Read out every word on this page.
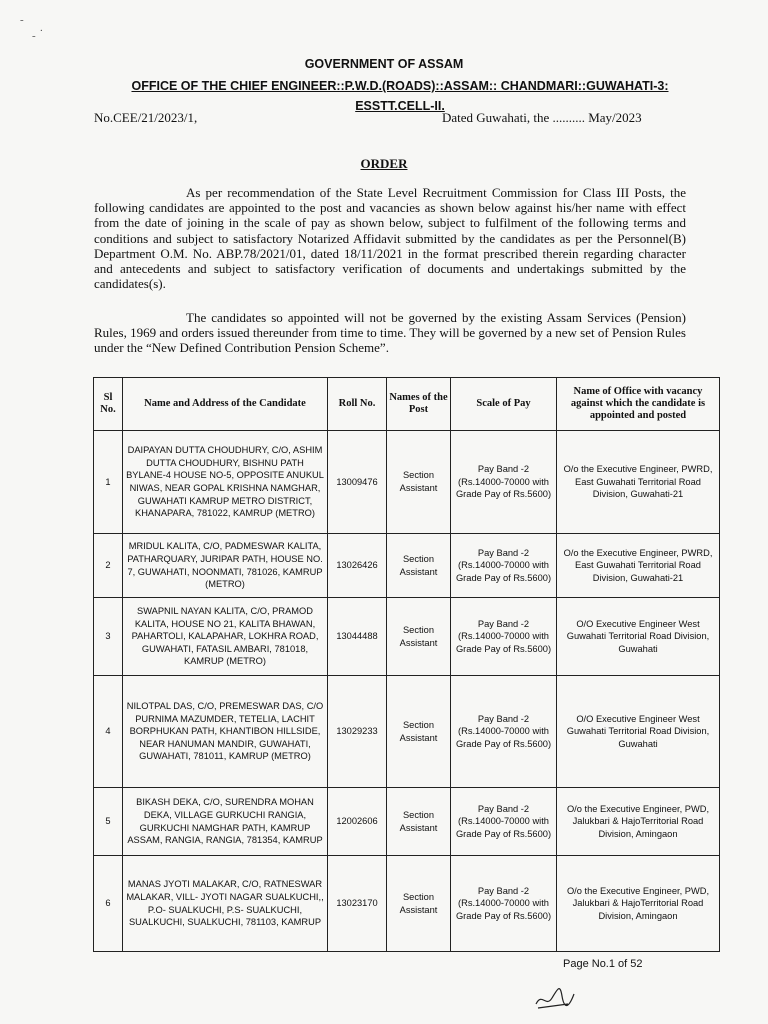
-
.
-
GOVERNMENT OF ASSAM
OFFICE OF THE CHIEF ENGINEER::P.W.D.(ROADS)::ASSAM:: CHANDMARI::GUWAHATI-3:
ESSTT.CELL-II.
No.CEE/21/2023/1,	Dated Guwahati, the .......... May/2023
ORDER
As per recommendation of the State Level Recruitment Commission for Class III Posts, the following candidates are appointed to the post and vacancies as shown below against his/her name with effect from the date of joining in the scale of pay as shown below, subject to fulfilment of the following terms and conditions and subject to satisfactory Notarized Affidavit submitted by the candidates as per the Personnel(B) Department O.M. No. ABP.78/2021/01, dated 18/11/2021 in the format prescribed therein regarding character and antecedents and subject to satisfactory verification of documents and undertakings submitted by the candidates(s).
The candidates so appointed will not be governed by the existing Assam Services (Pension) Rules, 1969 and orders issued thereunder from time to time. They will be governed by a new set of Pension Rules under the “New Defined Contribution Pension Scheme”.
Sl No.	Name and Address of the Candidate	Roll No.	Names of the Post	Scale of Pay	Name of Office with vacancy against which the candidate is appointed and posted
1	DAIPAYAN DUTTA CHOUDHURY, C/O, ASHIM DUTTA CHOUDHURY, BISHNU PATH BYLANE-4 HOUSE NO-5, OPPOSITE ANUKUL NIWAS, NEAR GOPAL KRISHNA NAMGHAR, GUWAHATI KAMRUP METRO DISTRICT, KHANAPARA, 781022, KAMRUP (METRO)	13009476	Section Assistant	Pay Band -2 (Rs.14000-70000 with Grade Pay of Rs.5600)	O/o the Executive Engineer, PWRD, East Guwahati Territorial Road Division, Guwahati-21
2	MRIDUL KALITA, C/O, PADMESWAR KALITA, PATHARQUARY, JURIPAR PATH, HOUSE NO. 7, GUWAHATI, NOONMATI, 781026, KAMRUP (METRO)	13026426	Section Assistant	Pay Band -2 (Rs.14000-70000 with Grade Pay of Rs.5600)	O/o the Executive Engineer, PWRD, East Guwahati Territorial Road Division, Guwahati-21
3	SWAPNIL NAYAN KALITA, C/O, PRAMOD KALITA, HOUSE NO 21, KALITA BHAWAN, PAHARTOLI, KALAPAHAR, LOKHRA ROAD, GUWAHATI, FATASIL AMBARI, 781018, KAMRUP (METRO)	13044488	Section Assistant	Pay Band -2 (Rs.14000-70000 with Grade Pay of Rs.5600)	O/O Executive Engineer West Guwahati Territorial Road Division, Guwahati
4	NILOTPAL DAS, C/O, PREMESWAR DAS, C/O PURNIMA MAZUMDER, TETELIA, LACHIT BORPHUKAN PATH, KHANTIBON HILLSIDE, NEAR HANUMAN MANDIR, GUWAHATI, GUWAHATI, 781011, KAMRUP (METRO)	13029233	Section Assistant	Pay Band -2 (Rs.14000-70000 with Grade Pay of Rs.5600)	O/O Executive Engineer West Guwahati Territorial Road Division, Guwahati
5	BIKASH DEKA, C/O, SURENDRA MOHAN DEKA, VILLAGE GURKUCHI RANGIA, GURKUCHI NAMGHAR PATH, KAMRUP ASSAM, RANGIA, RANGIA, 781354, KAMRUP	12002606	Section Assistant	Pay Band -2 (Rs.14000-70000 with Grade Pay of Rs.5600)	O/o the Executive Engineer, PWD, Jalukbari & HajoTerritorial Road Division, Amingaon
6	MANAS JYOTI MALAKAR, C/O, RATNESWAR MALAKAR, VILL- JYOTI NAGAR SUALKUCHI,, P.O- SUALKUCHI, P.S- SUALKUCHI, SUALKUCHI, SUALKUCHI, 781103, KAMRUP	13023170	Section Assistant	Pay Band -2 (Rs.14000-70000 with Grade Pay of Rs.5600)	O/o the Executive Engineer, PWD, Jalukbari & HajoTerritorial Road Division, Amingaon
Page No.1 of 52
